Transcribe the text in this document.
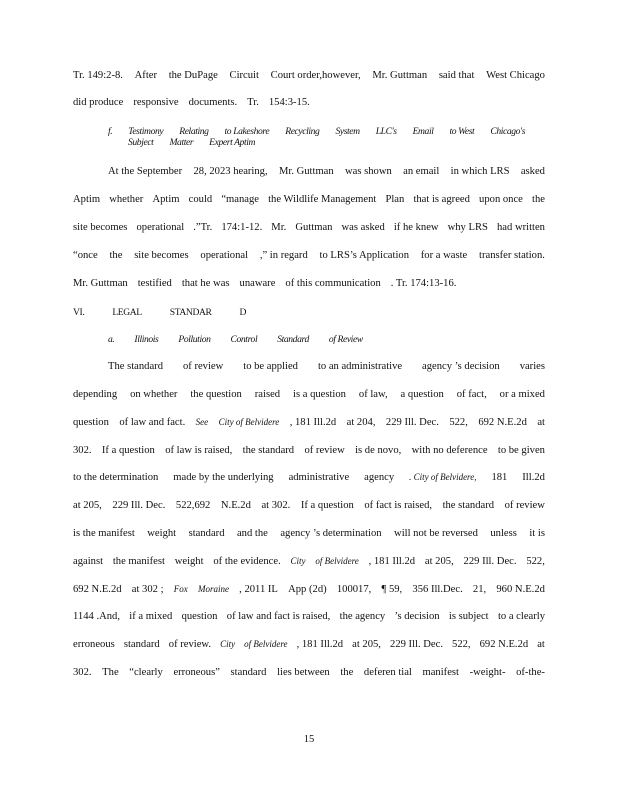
Tr. 149:2-8. After the DuPage Circuit Court order,however, Mr. Guttman said that West Chicago
did produce responsive documents. Tr. 154:3-15.
f. Testimony Relating to Lakeshore Recycling System LLC's Email to West Chicago's
Subject Matter Expert Aptim
At the September 28, 2023 hearing, Mr. Guttman was shown an email in which LRS asked
Aptim whether Aptim could “manage the Wildlife Management Plan that is agreed upon once the
site becomes operational .”Tr. 174:1-12. Mr. Guttman was asked if he knew why LRS had written
“once the site becomes operational ,” in regard to LRS’s Application for a waste transfer station.
Mr. Guttman testified that he was unaware of this communication . Tr. 174:13-16.
VI.	LEGAL	STANDAR	D
a. Illinois Pollution Control Standard of Review
The standard of review to be applied to an administrative agency ’s decision varies
depending on whether the question raised is a question of law, a question of fact, or a mixed
question of law and fact. See City of Belvidere , 181 Ill.2d at 204, 229 Ill. Dec. 522, 692 N.E.2d at
302. If a question of law is raised, the standard of review is de novo, with no deference to be given
to the determination made by the underlying administrative agency . City of Belvidere, 181 Ill.2d
at 205, 229 Ill. Dec. 522,692 N.E.2d at 302. If a question of fact is raised, the standard of review
is the manifest weight standard and the agency ’s determination will not be reversed unless it is
against the manifest weight of the evidence. City of Belvidere , 181 Ill.2d at 205, 229 Ill. Dec. 522,
692 N.E.2d at 302 ; Fox Moraine , 2011 IL App (2d) 100017, ¶ 59, 356 Ill.Dec. 21, 960 N.E.2d
1144 .And, if a mixed question of law and fact is raised, the agency ’s decision is subject to a clearly
erroneous standard of review. City of Belvidere , 181 Ill.2d at 205, 229 Ill. Dec. 522, 692 N.E.2d at
302. The “clearly erroneous” standard lies between the deferen tial manifest -weight- of-the-
15
